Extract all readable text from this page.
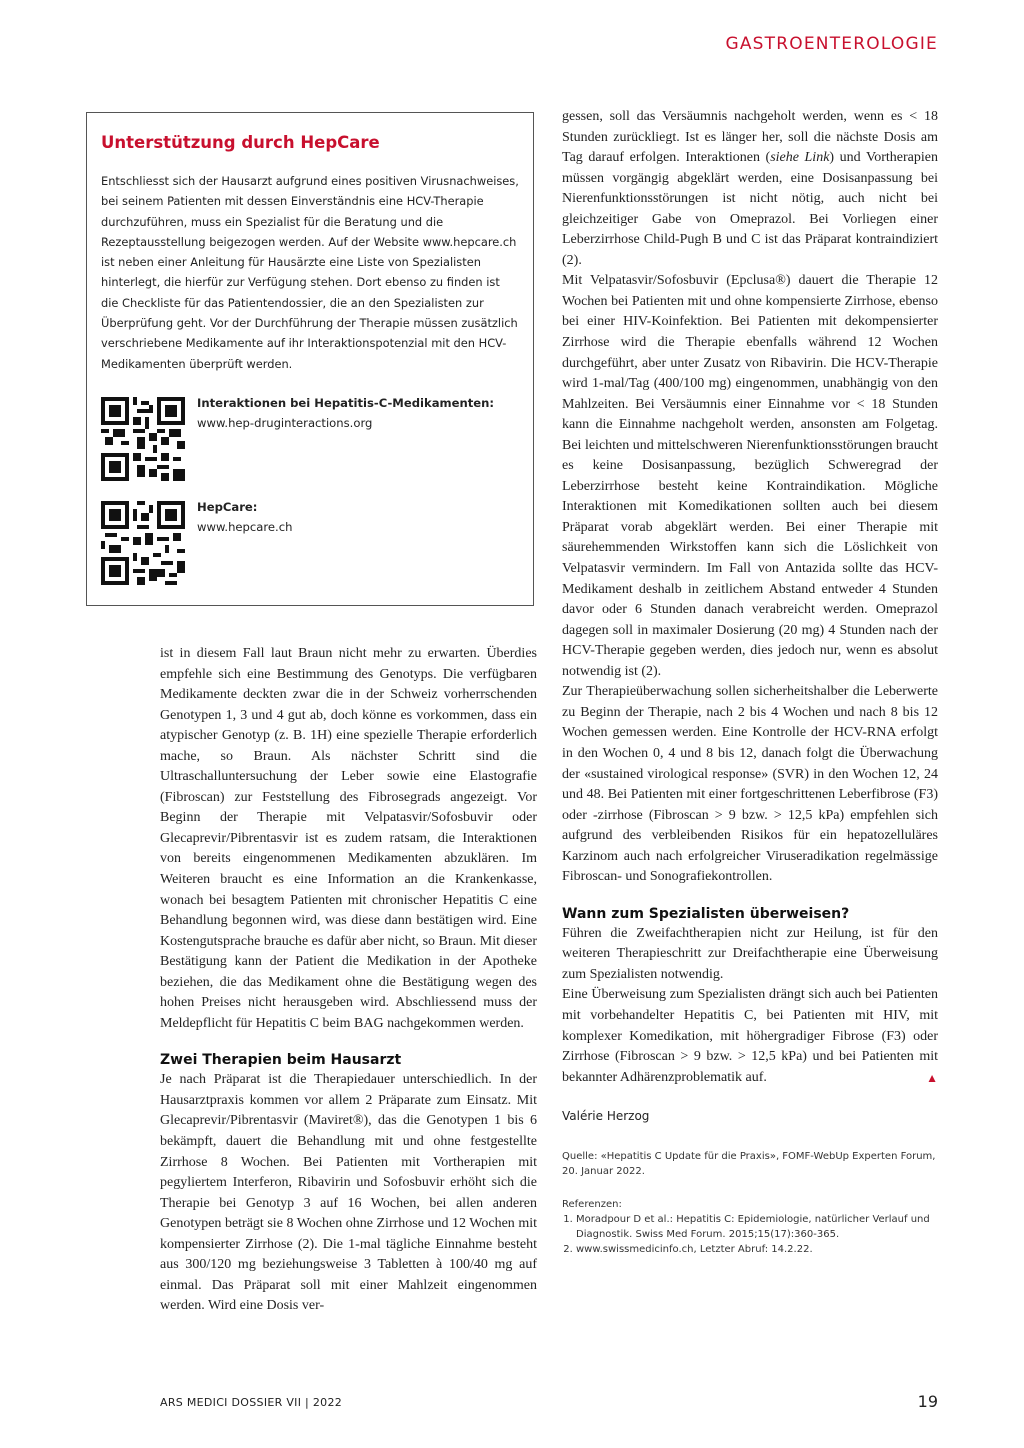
GASTROENTEROLOGIE
Unterstützung durch HepCare
Entschliesst sich der Hausarzt aufgrund eines positiven Virusnachweises, bei seinem Patienten mit dessen Einverständnis eine HCV-Therapie durchzuführen, muss ein Spezialist für die Beratung und die Rezeptausstellung beigezogen werden. Auf der Website www.hepcare.ch ist neben einer Anleitung für Hausärzte eine Liste von Spezialisten hinterlegt, die hierfür zur Verfügung stehen. Dort ebenso zu finden ist die Checkliste für das Patientendossier, die an den Spezialisten zur Überprüfung geht. Vor der Durchführung der Therapie müssen zusätzlich verschriebene Medikamente auf ihr Interaktionspotenzial mit den HCV-Medikamenten überprüft werden.
Interaktionen bei Hepatitis-C-Medikamenten:
www.hep-druginteractions.org
HepCare:
www.hepcare.ch

ist in diesem Fall laut Braun nicht mehr zu erwarten. Überdies empfehle sich eine Bestimmung des Genotyps. Die verfügbaren Medikamente deckten zwar die in der Schweiz vorherrschenden Genotypen 1, 3 und 4 gut ab, doch könne es vorkommen, dass ein atypischer Genotyp (z. B. 1H) eine spezielle Therapie erforderlich mache, so Braun. Als nächster Schritt sind die Ultraschalluntersuchung der Leber sowie eine Elastografie (Fibroscan) zur Feststellung des Fibrosegrads angezeigt. Vor Beginn der Therapie mit Velpatasvir/Sofosbuvir oder Glecaprevir/Pibrentasvir ist es zudem ratsam, die Interaktionen von bereits eingenommenen Medikamenten abzuklären. Im Weiteren braucht es eine Information an die Krankenkasse, wonach bei besagtem Patienten mit chronischer Hepatitis C eine Behandlung begonnen wird, was diese dann bestätigen wird. Eine Kostengutsprache brauche es dafür aber nicht, so Braun. Mit dieser Bestätigung kann der Patient die Medikation in der Apotheke beziehen, die das Medikament ohne die Bestätigung wegen des hohen Preises nicht herausgeben wird. Abschliessend muss der Meldepflicht für Hepatitis C beim BAG nachgekommen werden.

Zwei Therapien beim Hausarzt

Je nach Präparat ist die Therapiedauer unterschiedlich. In der Hausarztpraxis kommen vor allem 2 Präparate zum Einsatz. Mit Glecaprevir/Pibrentasvir (Maviret®), das die Genotypen 1 bis 6 bekämpft, dauert die Behandlung mit und ohne festgestellte Zirrhose 8 Wochen. Bei Patienten mit Vortherapien mit pegyliertem Interferon, Ribavirin und Sofosbuvir erhöht sich die Therapie bei Genotyp 3 auf 16 Wochen, bei allen anderen Genotypen beträgt sie 8 Wochen ohne Zirrhose und 12 Wochen mit kompensierter Zirrhose (2). Die 1-mal tägliche Einnahme besteht aus 300/120 mg beziehungsweise 3 Tabletten à 100/40 mg auf einmal. Das Präparat soll mit einer Mahlzeit eingenommen werden. Wird eine Dosis ver-

gessen, soll das Versäumnis nachgeholt werden, wenn es < 18 Stunden zurückliegt. Ist es länger her, soll die nächste Dosis am Tag darauf erfolgen. Interaktionen (siehe Link) und Vortherapien müssen vorgängig abgeklärt werden, eine Dosisanpassung bei Nierenfunktionsstörungen ist nicht nötig, auch nicht bei gleichzeitiger Gabe von Omeprazol. Bei Vorliegen einer Leberzirrhose Child-Pugh B und C ist das Präparat kontraindiziert (2).

Mit Velpatasvir/Sofosbuvir (Epclusa®) dauert die Therapie 12 Wochen bei Patienten mit und ohne kompensierte Zirrhose, ebenso bei einer HIV-Koinfektion. Bei Patienten mit dekompensierter Zirrhose wird die Therapie ebenfalls während 12 Wochen durchgeführt, aber unter Zusatz von Ribavirin. Die HCV-Therapie wird 1-mal/Tag (400/100 mg) eingenommen, unabhängig von den Mahlzeiten. Bei Versäumnis einer Einnahme vor < 18 Stunden kann die Einnahme nachgeholt werden, ansonsten am Folgetag. Bei leichten und mittelschweren Nierenfunktionsstörungen braucht es keine Dosisanpassung, bezüglich Schweregrad der Leberzirrhose besteht keine Kontraindikation. Mögliche Interaktionen mit Komedikationen sollten auch bei diesem Präparat vorab abgeklärt werden. Bei einer Therapie mit säurehemmenden Wirkstoffen kann sich die Löslichkeit von Velpatasvir vermindern. Im Fall von Antazida sollte das HCV-Medikament deshalb in zeitlichem Abstand entweder 4 Stunden davor oder 6 Stunden danach verabreicht werden. Omeprazol dagegen soll in maximaler Dosierung (20 mg) 4 Stunden nach der HCV-Therapie gegeben werden, dies jedoch nur, wenn es absolut notwendig ist (2).

Zur Therapieüberwachung sollen sicherheitshalber die Leberwerte zu Beginn der Therapie, nach 2 bis 4 Wochen und nach 8 bis 12 Wochen gemessen werden. Eine Kontrolle der HCV-RNA erfolgt in den Wochen 0, 4 und 8 bis 12, danach folgt die Überwachung der «sustained virological response» (SVR) in den Wochen 12, 24 und 48. Bei Patienten mit einer fortgeschrittenen Leberfibrose (F3) oder -zirrhose (Fibroscan > 9 bzw. > 12,5 kPa) empfehlen sich aufgrund des verbleibenden Risikos für ein hepatozelluläres Karzinom auch nach erfolgreicher Viruseradikation regelmässige Fibroscan- und Sonografiekontrollen.

Wann zum Spezialisten überweisen?

Führen die Zweifachtherapien nicht zur Heilung, ist für den weiteren Therapieschritt zur Dreifachtherapie eine Überweisung zum Spezialisten notwendig.

Eine Überweisung zum Spezialisten drängt sich auch bei Patienten mit vorbehandelter Hepatitis C, bei Patienten mit HIV, mit komplexer Komedikation, mit höhergradiger Fibrose (F3) oder Zirrhose (Fibroscan > 9 bzw. > 12,5 kPa) und bei Patienten mit bekannter Adhärenzproblematik auf.	▲

Valérie Herzog
Quelle: «Hepatitis C Update für die Praxis», FOMF-WebUp Experten Forum, 20. Januar 2022.
Referenzen:
1. Moradpour D et al.: Hepatitis C: Epidemiologie, natürlicher Verlauf und Diagnostik. Swiss Med Forum. 2015;15(17):360-365.
2. www.swissmedicinfo.ch, Letzter Abruf: 14.2.22.
ARS MEDICI DOSSIER VII | 2022	19
